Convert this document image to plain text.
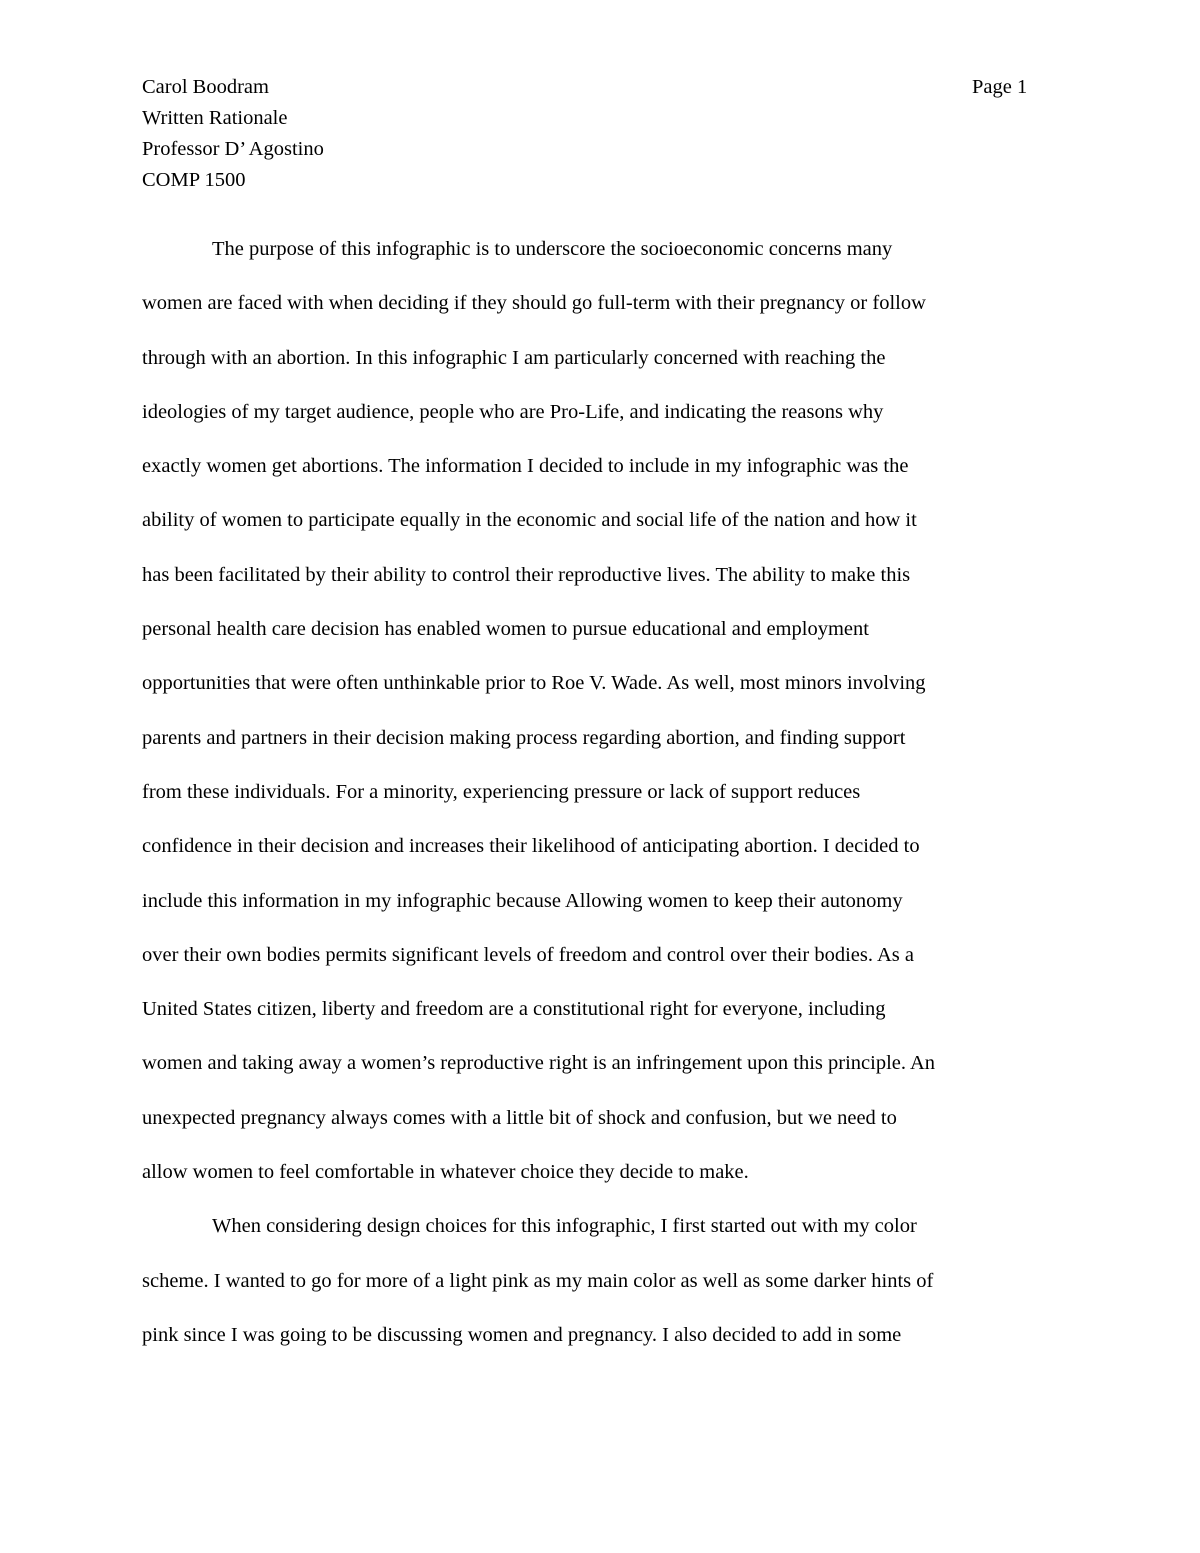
Carol Boodram
Written Rationale
Professor D’ Agostino
COMP 1500
Page 1
The purpose of this infographic is to underscore the socioeconomic concerns many
women are faced with when deciding if they should go full-term with their pregnancy or follow
through with an abortion. In this infographic I am particularly concerned with reaching the
ideologies of my target audience, people who are Pro-Life, and indicating the reasons why
exactly women get abortions. The information I decided to include in my infographic was the
ability of women to participate equally in the economic and social life of the nation and how it
has been facilitated by their ability to control their reproductive lives. The ability to make this
personal health care decision has enabled women to pursue educational and employment
opportunities that were often unthinkable prior to Roe V. Wade. As well, most minors involving
parents and partners in their decision making process regarding abortion, and finding support
from these individuals. For a minority, experiencing pressure or lack of support reduces
confidence in their decision and increases their likelihood of anticipating abortion. I decided to
include this information in my infographic because Allowing women to keep their autonomy
over their own bodies permits significant levels of freedom and control over their bodies. As a
United States citizen, liberty and freedom are a constitutional right for everyone, including
women and taking away a women’s reproductive right is an infringement upon this principle. An
unexpected pregnancy always comes with a little bit of shock and confusion, but we need to
allow women to feel comfortable in whatever choice they decide to make.
When considering design choices for this infographic, I first started out with my color
scheme. I wanted to go for more of a light pink as my main color as well as some darker hints of
pink since I was going to be discussing women and pregnancy. I also decided to add in some
